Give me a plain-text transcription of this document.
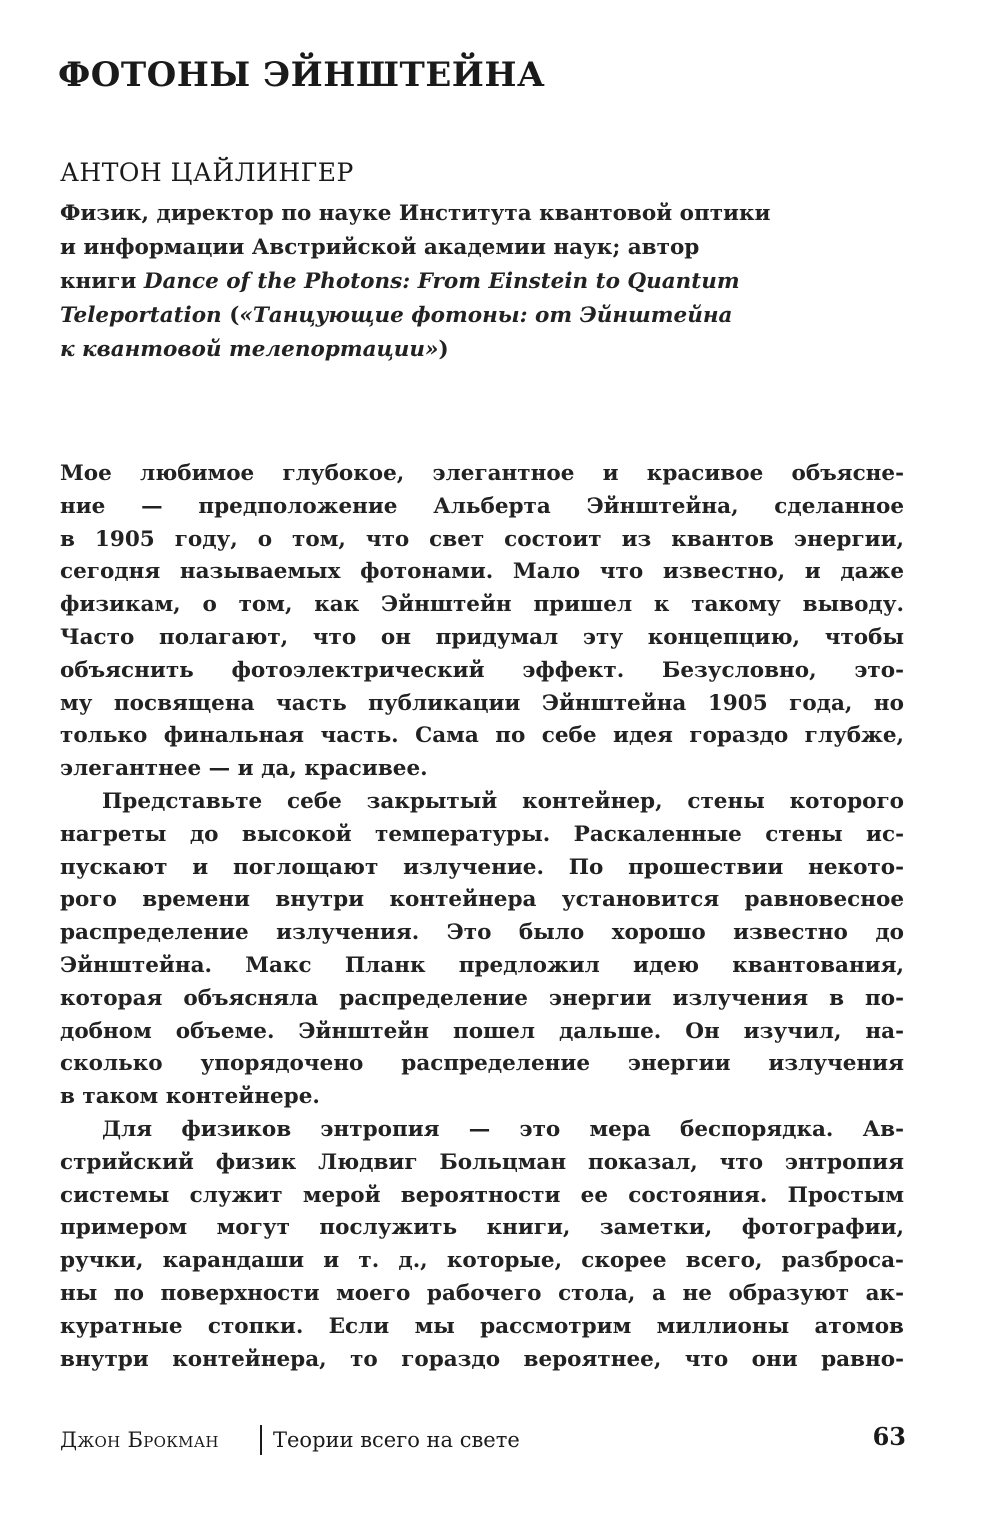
ФОТОНЫ ЭЙНШТЕЙНА
АНТОН ЦАЙЛИНГЕР
Физик, директор по науке Института квантовой оптики
и информации Австрийской академии наук; автор
книги Dance of the Photons: From Einstein to Quantum
Teleportation («Танцующие фотоны: от Эйнштейна
к квантовой телепортации»)
Мое любимое глубокое, элегантное и красивое объясне-
ние — предположение Альберта Эйнштейна, сделанное
в 1905 году, о том, что свет состоит из квантов энергии,
сегодня называемых фотонами. Мало что известно, и даже
физикам, о том, как Эйнштейн пришел к такому выводу.
Часто полагают, что он придумал эту концепцию, чтобы
объяснить фотоэлектрический эффект. Безусловно, это-
му посвящена часть публикации Эйнштейна 1905 года, но
только финальная часть. Сама по себе идея гораздо глубже,
элегантнее — и да, красивее.
Представьте себе закрытый контейнер, стены которого
нагреты до высокой температуры. Раскаленные стены ис-
пускают и поглощают излучение. По прошествии некото-
рого времени внутри контейнера установится равновесное
распределение излучения. Это было хорошо известно до
Эйнштейна. Макс Планк предложил идею квантования,
которая объясняла распределение энергии излучения в по-
добном объеме. Эйнштейн пошел дальше. Он изучил, на-
сколько упорядочено распределение энергии излучения
в таком контейнере.
Для физиков энтропия — это мера беспорядка. Ав-
стрийский физик Людвиг Больцман показал, что энтропия
системы служит мерой вероятности ее состояния. Простым
примером могут послужить книги, заметки, фотографии,
ручки, карандаши и т. д., которые, скорее всего, разброса-
ны по поверхности моего рабочего стола, а не образуют ак-
куратные стопки. Если мы рассмотрим миллионы атомов
внутри контейнера, то гораздо вероятнее, что они равно-
Джон Брокман	Теории всего на свете	63
